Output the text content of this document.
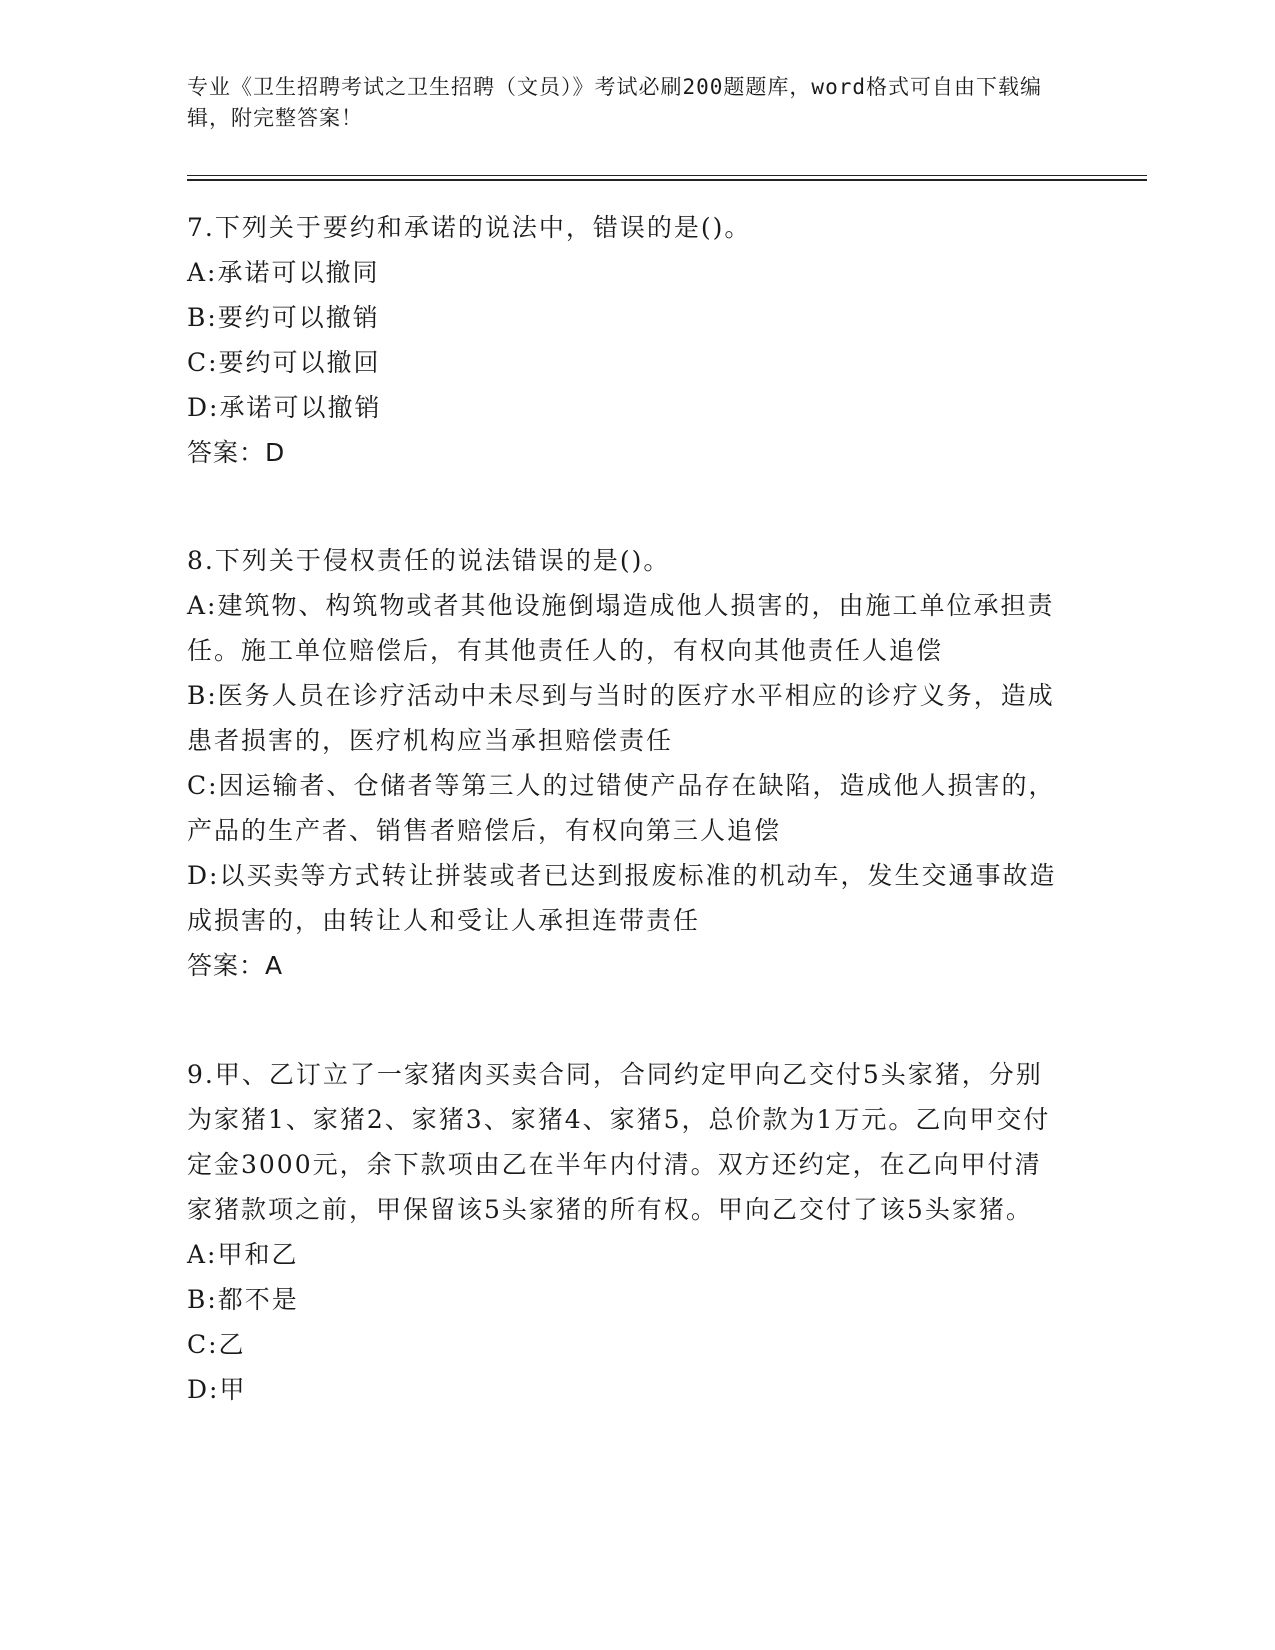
专业《卫生招聘考试之卫生招聘（文员）》考试必刷200题题库，word格式可自由下载编辑，附完整答案！
7.下列关于要约和承诺的说法中，错误的是()。
A:承诺可以撤同
B:要约可以撤销
C:要约可以撤回
D:承诺可以撤销
答案：D
8.下列关于侵权责任的说法错误的是()。
A:建筑物、构筑物或者其他设施倒塌造成他人损害的，由施工单位承担责任。施工单位赔偿后，有其他责任人的，有权向其他责任人追偿
B:医务人员在诊疗活动中未尽到与当时的医疗水平相应的诊疗义务，造成患者损害的，医疗机构应当承担赔偿责任
C:因运输者、仓储者等第三人的过错使产品存在缺陷，造成他人损害的，产品的生产者、销售者赔偿后，有权向第三人追偿
D:以买卖等方式转让拼装或者已达到报废标准的机动车，发生交通事故造成损害的，由转让人和受让人承担连带责任
答案：A
9.甲、乙订立了一家猪肉买卖合同，合同约定甲向乙交付5头家猪，分别为家猪1、家猪2、家猪3、家猪4、家猪5，总价款为1万元。乙向甲交付定金3000元，余下款项由乙在半年内付清。双方还约定，在乙向甲付清家猪款项之前，甲保留该5头家猪的所有权。甲向乙交付了该5头家猪。
A:甲和乙
B:都不是
C:乙
D:甲
